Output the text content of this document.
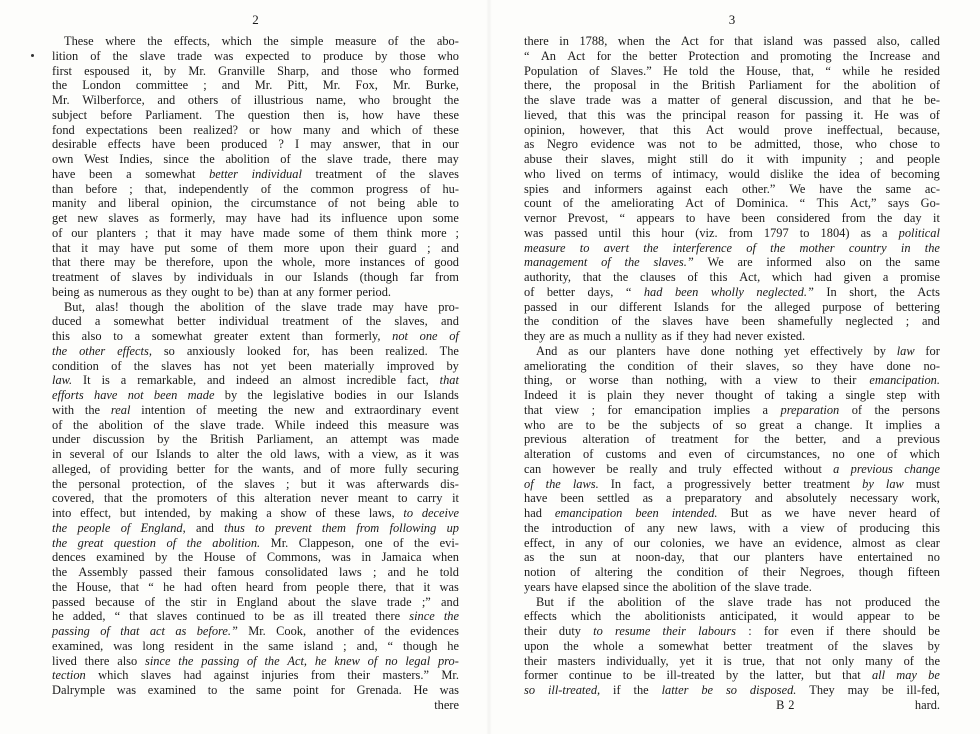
2
These where the effects, which the simple measure of the abo-
lition of the slave trade was expected to produce by those who
first espoused it, by Mr. Granville Sharp, and those who formed
the London committee ; and Mr. Pitt, Mr. Fox, Mr. Burke,
Mr. Wilberforce, and others of illustrious name, who brought the
subject before Parliament. The question then is, how have these
fond expectations been realized? or how many and which of these
desirable effects have been produced ? I may answer, that in our
own West Indies, since the abolition of the slave trade, there may
have been a somewhat better individual treatment of the slaves
than before ; that, independently of the common progress of hu-
manity and liberal opinion, the circumstance of not being able to
get new slaves as formerly, may have had its influence upon some
of our planters ; that it may have made some of them think more ;
that it may have put some of them more upon their guard ; and
that there may be therefore, upon the whole, more instances of good
treatment of slaves by individuals in our Islands (though far from
being as numerous as they ought to be) than at any former period.
But, alas! though the abolition of the slave trade may have pro-
duced a somewhat better individual treatment of the slaves, and
this also to a somewhat greater extent than formerly, not one of
the other effects, so anxiously looked for, has been realized. The
condition of the slaves has not yet been materially improved by
law. It is a remarkable, and indeed an almost incredible fact, that
efforts have not been made by the legislative bodies in our Islands
with the real intention of meeting the new and extraordinary event
of the abolition of the slave trade. While indeed this measure was
under discussion by the British Parliament, an attempt was made
in several of our Islands to alter the old laws, with a view, as it was
alleged, of providing better for the wants, and of more fully securing
the personal protection, of the slaves ; but it was afterwards dis-
covered, that the promoters of this alteration never meant to carry it
into effect, but intended, by making a show of these laws, to deceive
the people of England, and thus to prevent them from following up
the great question of the abolition. Mr. Clappeson, one of the evi-
dences examined by the House of Commons, was in Jamaica when
the Assembly passed their famous consolidated laws ; and he told
the House, that “ he had often heard from people there, that it was
passed because of the stir in England about the slave trade ;” and
he added, “ that slaves continued to be as ill treated there since the
passing of that act as before.” Mr. Cook, another of the evidences
examined, was long resident in the same island ; and, “ though he
lived there also since the passing of the Act, he knew of no legal pro-
tection which slaves had against injuries from their masters.” Mr.
Dalrymple was examined to the same point for Grenada. He was
there
3
there in 1788, when the Act for that island was passed also, called
“ An Act for the better Protection and promoting the Increase and
Population of Slaves.” He told the House, that, “ while he resided
there, the proposal in the British Parliament for the abolition of
the slave trade was a matter of general discussion, and that he be-
lieved, that this was the principal reason for passing it. He was of
opinion, however, that this Act would prove ineffectual, because,
as Negro evidence was not to be admitted, those, who chose to
abuse their slaves, might still do it with impunity ; and people
who lived on terms of intimacy, would dislike the idea of becoming
spies and informers against each other.” We have the same ac-
count of the ameliorating Act of Dominica. “ This Act,” says Go-
vernor Prevost, “ appears to have been considered from the day it
was passed until this hour (viz. from 1797 to 1804) as a political
measure to avert the interference of the mother country in the
management of the slaves.” We are informed also on the same
authority, that the clauses of this Act, which had given a promise
of better days, “ had been wholly neglected.” In short, the Acts
passed in our different Islands for the alleged purpose of bettering
the condition of the slaves have been shamefully neglected ; and
they are as much a nullity as if they had never existed.
And as our planters have done nothing yet effectively by law for
ameliorating the condition of their slaves, so they have done no-
thing, or worse than nothing, with a view to their emancipation.
Indeed it is plain they never thought of taking a single step with
that view ; for emancipation implies a preparation of the persons
who are to be the subjects of so great a change. It implies a
previous alteration of treatment for the better, and a previous
alteration of customs and even of circumstances, no one of which
can however be really and truly effected without a previous change
of the laws. In fact, a progressively better treatment by law must
have been settled as a preparatory and absolutely necessary work,
had emancipation been intended. But as we have never heard of
the introduction of any new laws, with a view of producing this
effect, in any of our colonies, we have an evidence, almost as clear
as the sun at noon-day, that our planters have entertained no
notion of altering the condition of their Negroes, though fifteen
years have elapsed since the abolition of the slave trade.
But if the abolition of the slave trade has not produced the
effects which the abolitionists anticipated, it would appear to be
their duty to resume their labours : for even if there should be
upon the whole a somewhat better treatment of the slaves by
their masters individually, yet it is true, that not only many of the
former continue to be ill-treated by the latter, but that all may be
so ill-treated, if the latter be so disposed. They may be ill-fed,
B 2	hard.
